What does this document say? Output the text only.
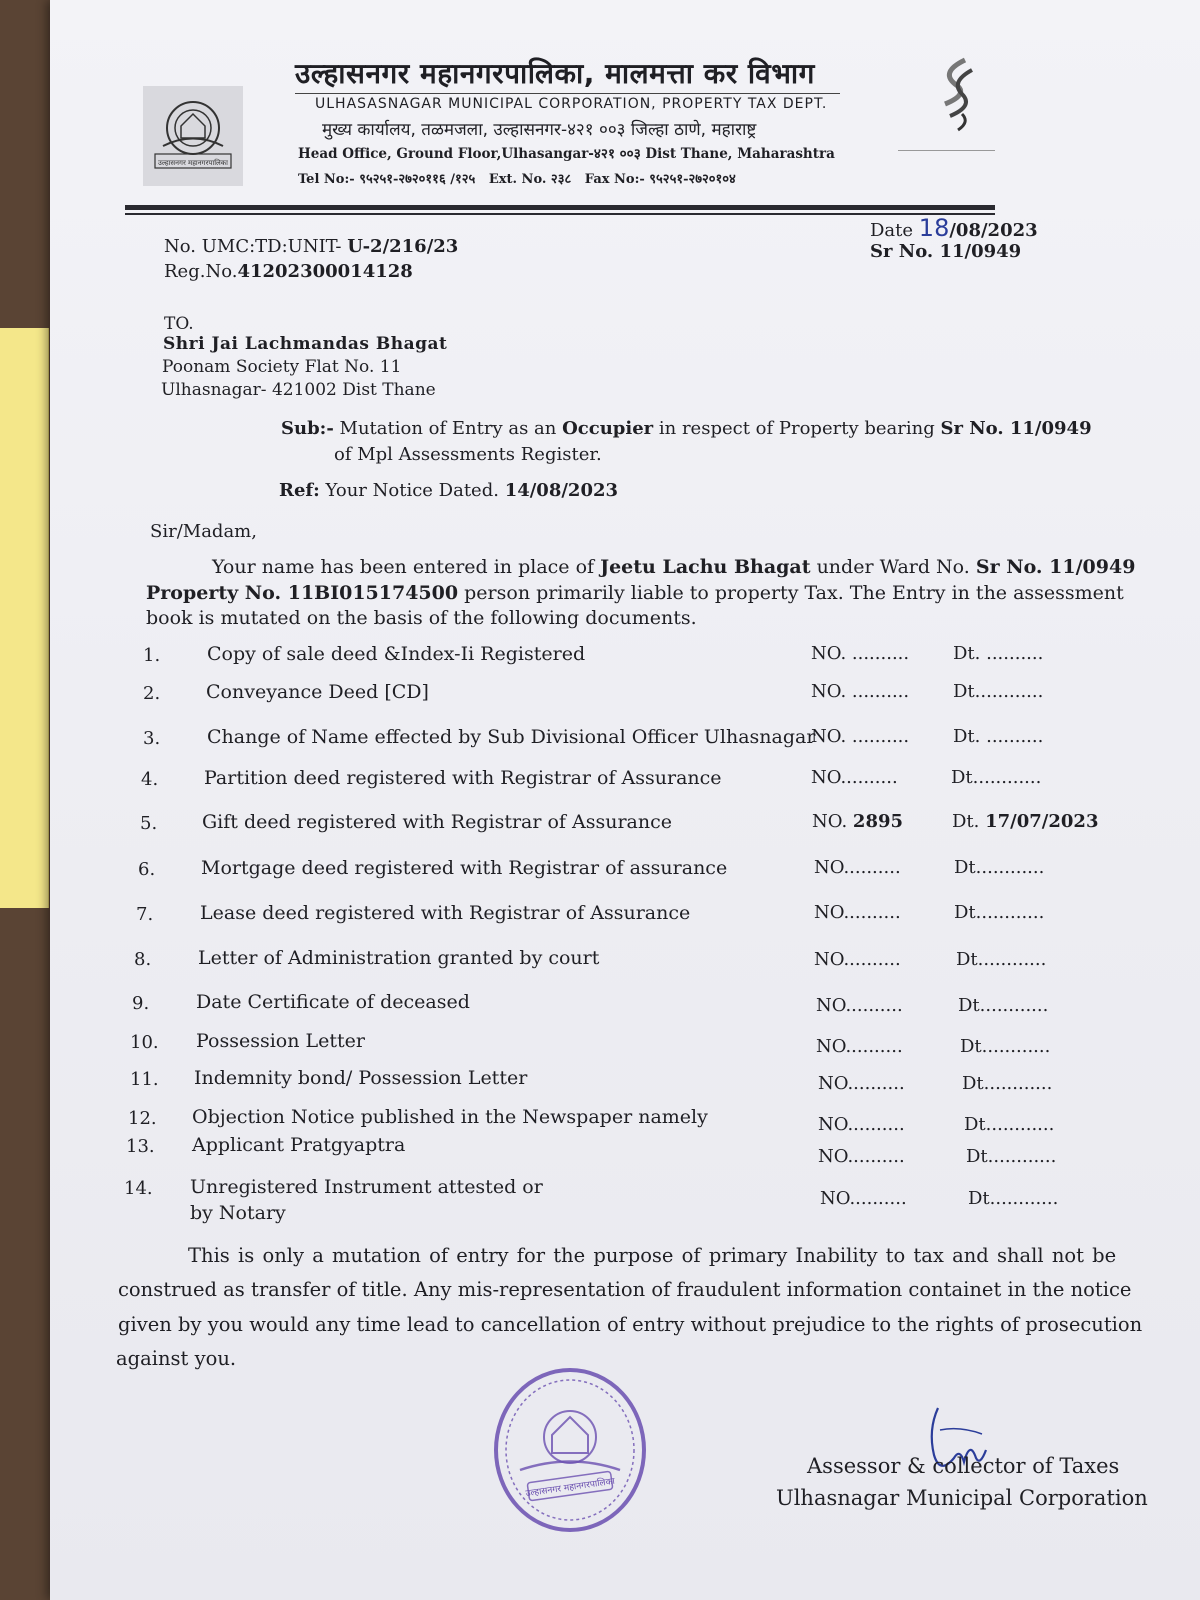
उल्हासनगर महानगरपालिका
उल्हासनगर महानगरपालिका, मालमत्ता कर विभाग
ULHASASNAGAR MUNICIPAL CORPORATION, PROPERTY TAX DEPT.
मुख्य कार्यालय, तळमजला, उल्हासनगर-४२१ ००३ जिल्हा ठाणे, महाराष्ट्र
Head Office, Ground Floor,Ulhasangar-४२१ ००३ Dist Thane, Maharashtra
Tel No:- ९५२५१-२७२०११६ /१२५ Ext. No. २३८ Fax No:- ९५२५१-२७२०१०४
No. UMC:TD:UNIT- U-2/216/23
Reg.No.41202300014128
Date 18/08/2023
Sr No. 11/0949
TO.
Shri Jai Lachmandas Bhagat
Poonam Society Flat No. 11
Ulhasnagar- 421002 Dist Thane
Sub:- Mutation of Entry as an Occupier in respect of Property bearing Sr No. 11/0949
of Mpl Assessments Register.
Ref: Your Notice Dated. 14/08/2023
Sir/Madam,
Your name has been entered in place of Jeetu Lachu Bhagat under Ward No. Sr No. 11/0949
Property No. 11BI015174500 person primarily liable to property Tax. The Entry in the assessment
book is mutated on the basis of the following documents.
1. Copy of sale deed &Index-Ii Registered	NO. .......... Dt. ..........
2. Conveyance Deed [CD]	NO. .......... Dt............
3. Change of Name effected by Sub Divisional Officer Ulhasnagar
NO. .......... Dt. ..........
4. Partition deed registered with Registrar of Assurance	NO..........	Dt............
5. Gift deed registered with Registrar of Assurance	NO. 2895	Dt. 17/07/2023
6. Mortgage deed registered with Registrar of assurance	NO..........	Dt............
7. Lease deed registered with Registrar of Assurance	NO..........	Dt............
8. Letter of Administration granted by court	NO..........	Dt............
9. Date Certificate of deceased	NO..........	Dt............
10. Possession Letter	NO..........	Dt............
11. Indemnity bond/ Possession Letter	NO..........	Dt............
12. Objection Notice published in the Newspaper namely	NO..........	Dt............
13. Applicant Pratgyaptra
NO..........	Dt............
14. Unregistered Instrument attested or
by Notary
NO..........	Dt............
This is only a mutation of entry for the purpose of primary Inability to tax and shall not be
construed as transfer of title. Any mis-representation of fraudulent information containet in the notice
given by you would any time lead to cancellation of entry without prejudice to the rights of prosecution
against you.
उल्हासनगर महानगरपालिका
Assessor & collector of Taxes
Ulhasnagar Municipal Corporation
